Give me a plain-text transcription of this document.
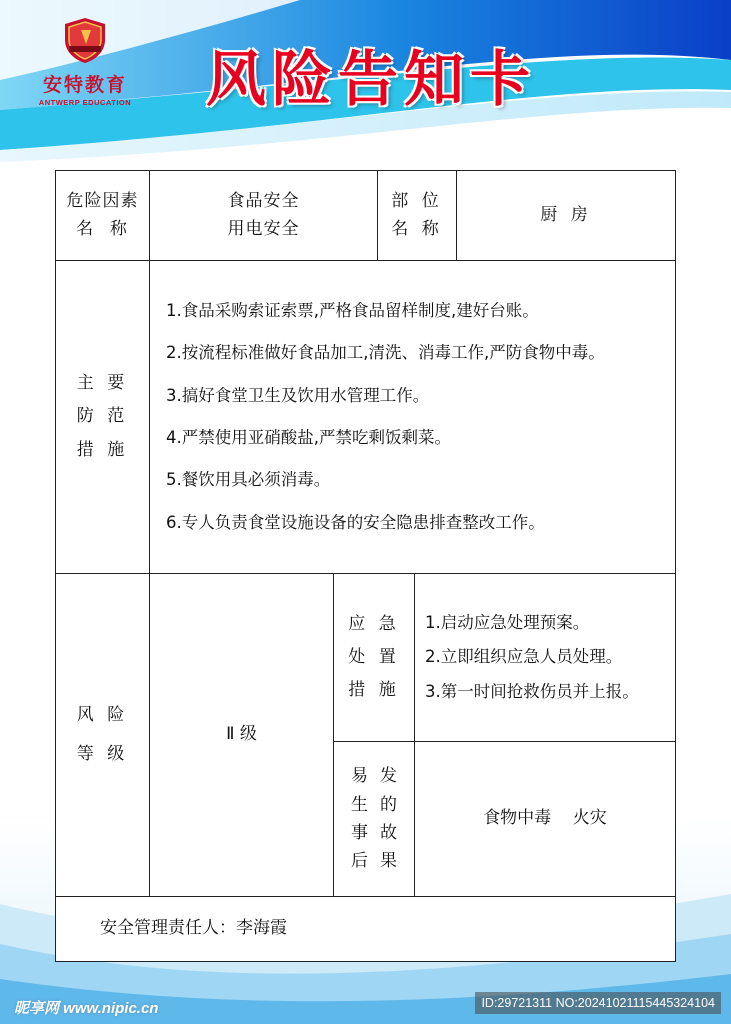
安特教育
ANTWERP EDUCATION 风险告知卡
危险因素
名  称
食品安全
用电安全
部 位
名 称
厨 房
主 要
防 范
措 施
1.食品采购索证索票,严格食品留样制度,建好台账。
2.按流程标准做好食品加工,清洗、消毒工作,严防食物中毒。
3.搞好食堂卫生及饮用水管理工作。
4.严禁使用亚硝酸盐,严禁吃剩饭剩菜。
5.餐饮用具必须消毒。
6.专人负责食堂设施设备的安全隐患排查整改工作。
风 险
等 级
Ⅱ 级
应 急
处 置
措 施
1.启动应急处理预案。
2.立即组织应急人员处理。
3.第一时间抢救伤员并上报。
易 发
生 的
事 故
后 果
食物中毒    火灾
安全管理责任人：李海霞
昵享网 www.nipic.cn	ID:29721311 NO:20241021115445324104
